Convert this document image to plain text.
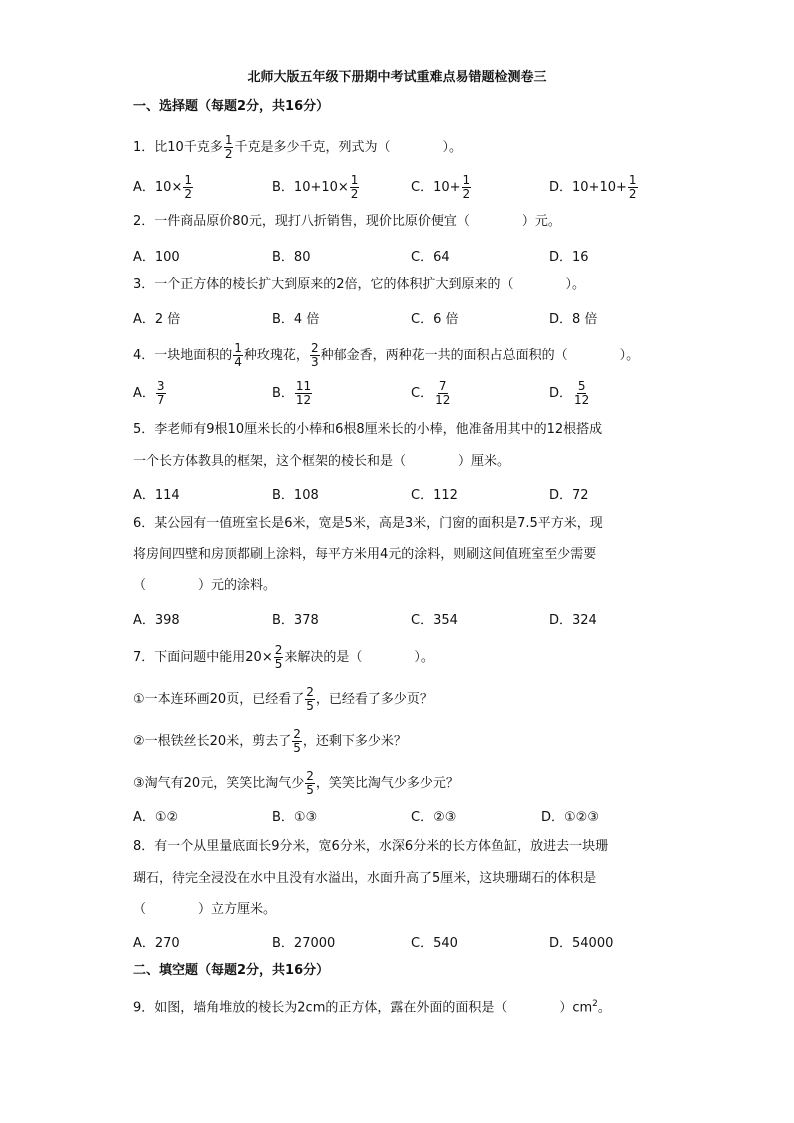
北师大版五年级下册期中考试重难点易错题检测卷三
一、选择题（每题2分，共16分）
1．比10千克多 $\frac{1}{2}$ 千克是多少千克，列式为（　　　　）。
A．$10\times \frac{1}{2}$	B．$10+10\times \frac{1}{2}$	C．$10+ \frac{1}{2}$	D．$10+10+ \frac{1}{2}$
2．一件商品原价80元，现打八折销售，现价比原价便宜（　　　　）元。
A．100	B．80	C．64	D．16
3．一个正方体的棱长扩大到原来的2倍，它的体积扩大到原来的（　　　　）。
A．2 倍	B．4 倍	C．6 倍	D．8 倍
4．一块地面积的 $\frac{1}{4}$ 种玫瑰花， $\frac{2}{3}$ 种郁金香，两种花一共的面积占总面积的（　　　　）。
A． $\frac{3}{7}$	B． $\frac{11}{12}$	C． $\frac{7}{12}$	D． $\frac{5}{12}$
5．李老师有9根10厘米长的小棒和6根8厘米长的小棒，他准备用其中的12根搭成
一个长方体教具的框架，这个框架的棱长和是（　　　　）厘米。
A．114	B．108	C．112	D．72
6．某公园有一值班室长是6米，宽是5米，高是3米，门窗的面积是7.5平方米，现
将房间四壁和房顶都刷上涂料，每平方米用4元的涂料，则刷这间值班室至少需要
（　　　　）元的涂料。
A．398	B．378	C．354	D．324
7．下面问题中能用$20\times \frac{2}{5}$ 来解决的是（　　　　）。
①一本连环画20页，已经看了 $\frac{2}{5}$ ，已经看了多少页？
②一根铁丝长20米，剪去了 $\frac{2}{5}$ ，还剩下多少米？
③淘气有20元，笑笑比淘气少 $\frac{2}{5}$ ，笑笑比淘气少多少元？
A．①②	B．①③	C．②③	D．①②③
8．有一个从里量底面长9分米，宽6分米，水深6分米的长方体鱼缸，放进去一块珊
瑚石，待完全浸没在水中且没有水溢出，水面升高了5厘米，这块珊瑚石的体积是
（　　　　）立方厘米。
A．270	B．27000	C．540	D．54000
二、填空题（每题2分，共16分）
9．如图，墙角堆放的棱长为2cm的正方体，露在外面的面积是（　　　　）$cm^2$。
